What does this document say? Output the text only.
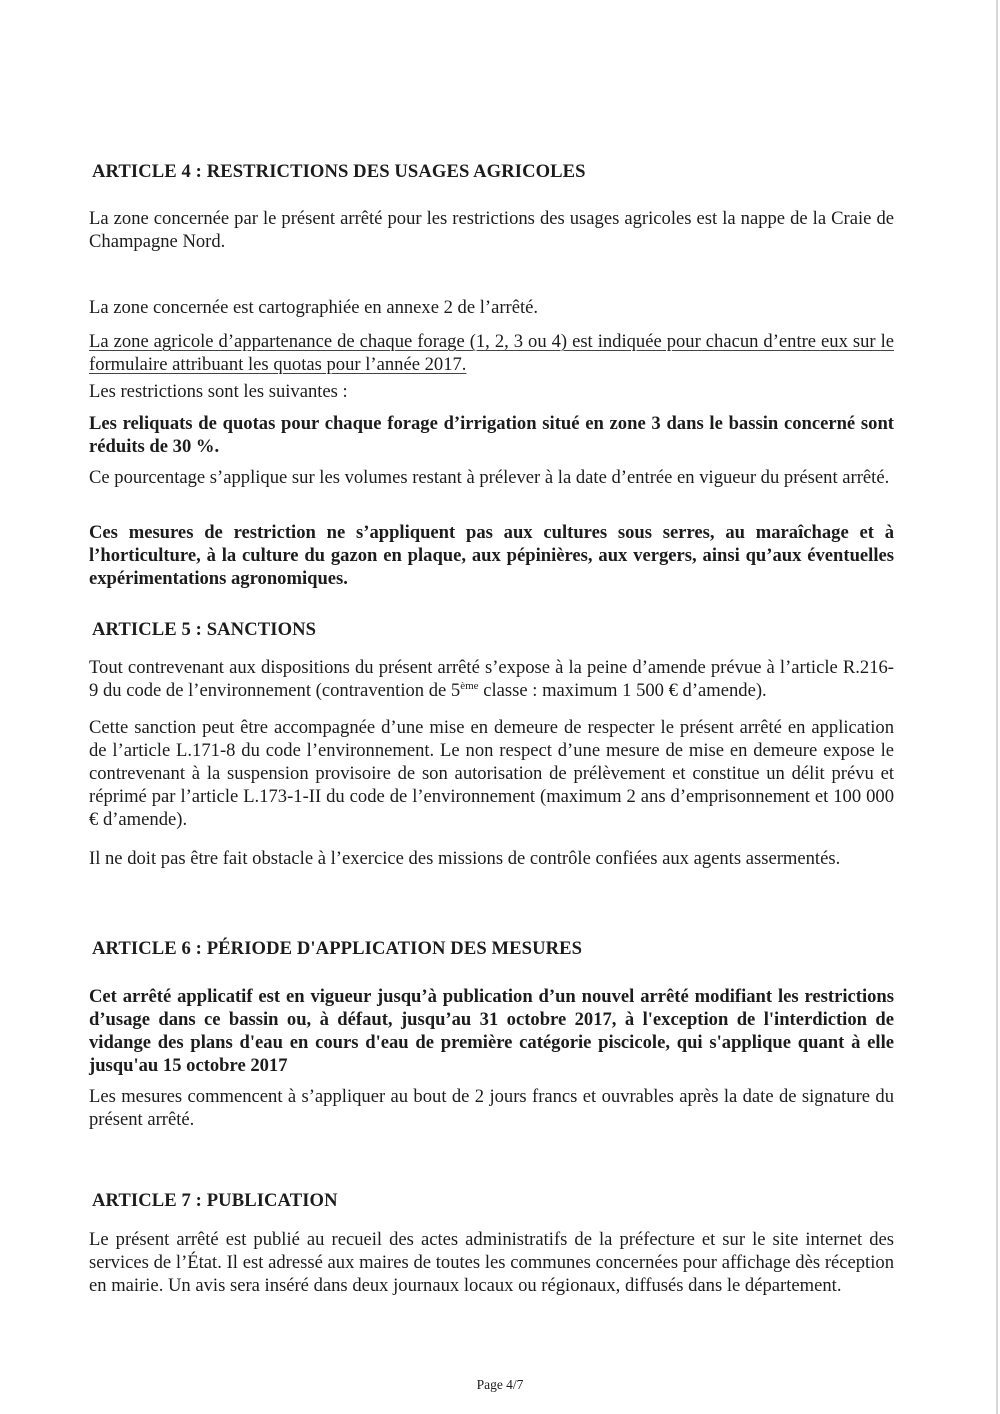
ARTICLE 4 : RESTRICTIONS DES USAGES AGRICOLES

La zone concernée par le présent arrêté pour les restrictions des usages agricoles est la nappe de la Craie de Champagne Nord.

La zone concernée est cartographiée en annexe 2 de l’arrêté.

La zone agricole d’appartenance de chaque forage (1, 2, 3 ou 4) est indiquée pour chacun d’entre eux sur le formulaire attribuant les quotas pour l’année 2017.

Les restrictions sont les suivantes :

Les reliquats de quotas pour chaque forage d’irrigation situé en zone 3 dans le bassin concerné sont réduits de 30 %.

Ce pourcentage s’applique sur les volumes restant à prélever à la date d’entrée en vigueur du présent arrêté.

Ces mesures de restriction ne s’appliquent pas aux cultures sous serres, au maraîchage et à l’horticulture, à la culture du gazon en plaque, aux pépinières, aux vergers, ainsi qu’aux éventuelles expérimentations agronomiques.

ARTICLE 5 : SANCTIONS

Tout contrevenant aux dispositions du présent arrêté s’expose à la peine d’amende prévue à l’article R.216-9 du code de l’environnement (contravention de 5ème classe : maximum 1 500 € d’amende).

Cette sanction peut être accompagnée d’une mise en demeure de respecter le présent arrêté en application de l’article L.171-8 du code l’environnement. Le non respect d’une mesure de mise en demeure expose le contrevenant à la suspension provisoire de son autorisation de prélèvement et constitue un délit prévu et réprimé par l’article L.173-1-II du code de l’environnement (maximum 2 ans d’emprisonnement et 100 000 € d’amende).

Il ne doit pas être fait obstacle à l’exercice des missions de contrôle confiées aux agents assermentés.

ARTICLE 6 : PÉRIODE D'APPLICATION DES MESURES

Cet arrêté applicatif est en vigueur jusqu’à publication d’un nouvel arrêté modifiant les restrictions d’usage dans ce bassin ou, à défaut, jusqu’au 31 octobre 2017, à l'exception de l'interdiction de vidange des plans d'eau en cours d'eau de première catégorie piscicole, qui s'applique quant à elle jusqu'au 15 octobre 2017

Les mesures commencent à s’appliquer au bout de 2 jours francs et ouvrables après la date de signature du présent arrêté.

ARTICLE 7 : PUBLICATION

Le présent arrêté est publié au recueil des actes administratifs de la préfecture et sur le site internet des services de l’État. Il est adressé aux maires de toutes les communes concernées pour affichage dès réception en mairie. Un avis sera inséré dans deux journaux locaux ou régionaux, diffusés dans le département.

Page 4/7
